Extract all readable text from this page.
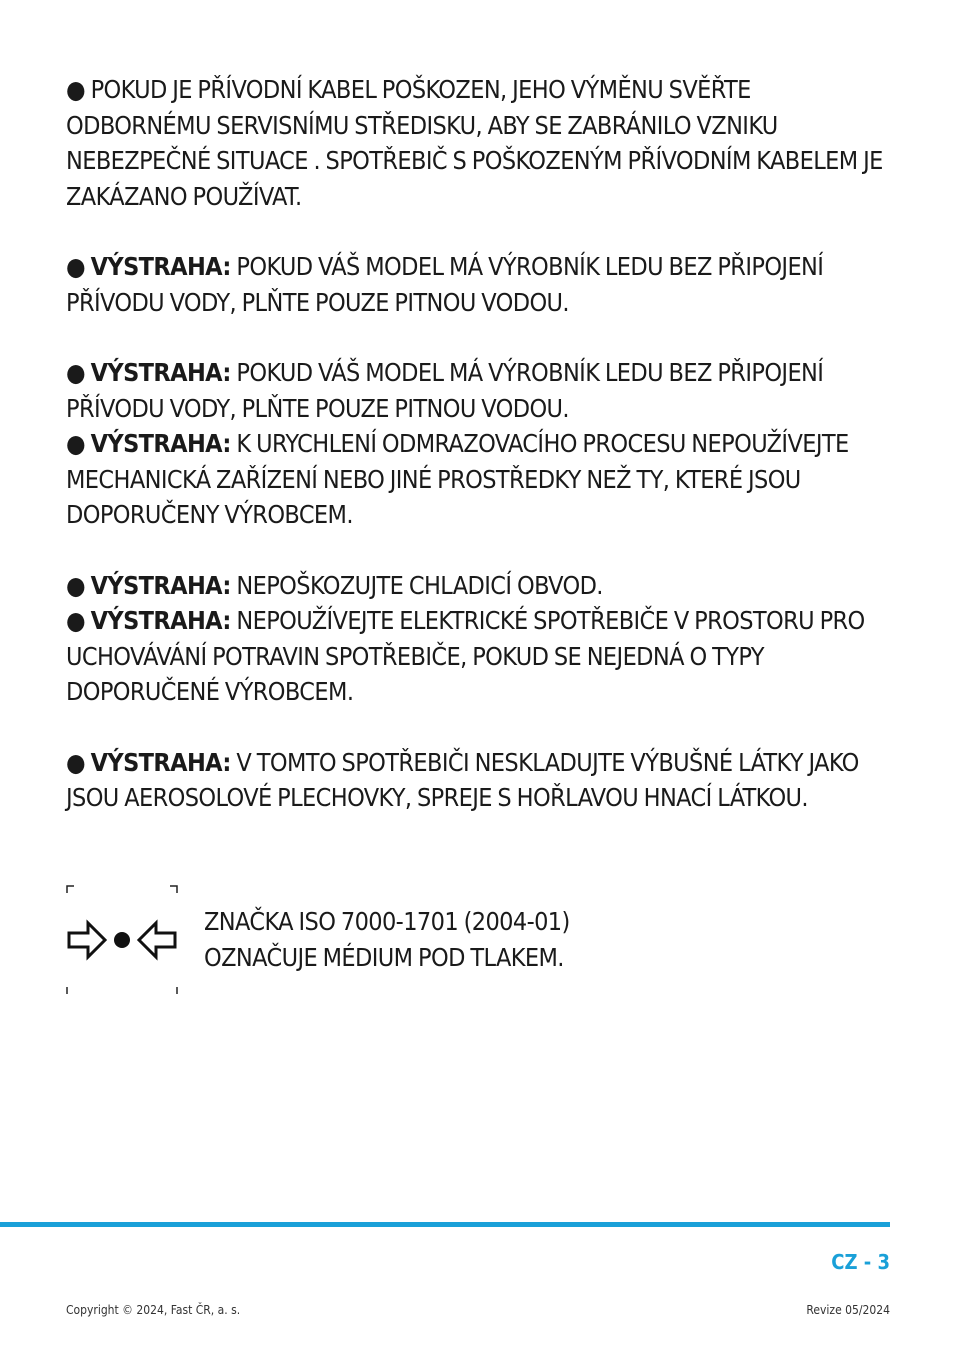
● POKUD JE PŘÍVODNÍ KABEL POŠKOZEN, JEHO VÝMĚNU SVĚŘTE ODBORNÉMU SERVISNÍMU STŘEDISKU, ABY SE ZABRÁNILO VZNIKU NEBEZPEČNÉ SITUACE . SPOTŘEBIČ S POŠKOZENÝM PŘÍVODNÍM KABELEM JE ZAKÁZANO POUŽÍVAT.

● VÝSTRAHA: POKUD VÁŠ MODEL MÁ VÝROBNÍK LEDU BEZ PŘIPOJENÍ PŘÍVODU VODY, PLŇTE POUZE PITNOU VODOU.

● VÝSTRAHA: POKUD VÁŠ MODEL MÁ VÝROBNÍK LEDU BEZ PŘIPOJENÍ PŘÍVODU VODY, PLŇTE POUZE PITNOU VODOU.

● VÝSTRAHA: K URYCHLENÍ ODMRAZOVACÍHO PROCESU NEPOUŽÍVEJTE MECHANICKÁ ZAŘÍZENÍ NEBO JINÉ PROSTŘEDKY NEŽ TY, KTERÉ JSOU DOPORUČENY VÝROBCEM.

● VÝSTRAHA: NEPOŠKOZUJTE CHLADICÍ OBVOD.

● VÝSTRAHA: NEPOUŽÍVEJTE ELEKTRICKÉ SPOTŘEBIČE V PROSTORU PRO UCHOVÁVÁNÍ POTRAVIN SPOTŘEBIČE, POKUD SE NEJEDNÁ O TYPY DOPORUČENÉ VÝROBCEM.

● VÝSTRAHA: V TOMTO SPOTŘEBIČI NESKLADUJTE VÝBUŠNÉ LÁTKY JAKO JSOU AEROSOLOVÉ PLECHOVKY, SPREJE S HOŘLAVOU HNACÍ LÁTKOU.

ZNAČKA ISO 7000-1701 (2004-01)
OZNAČUJE MÉDIUM POD TLAKEM.
CZ - 3
Copyright © 2024, Fast ČR, a. s.	Revize 05/2024
